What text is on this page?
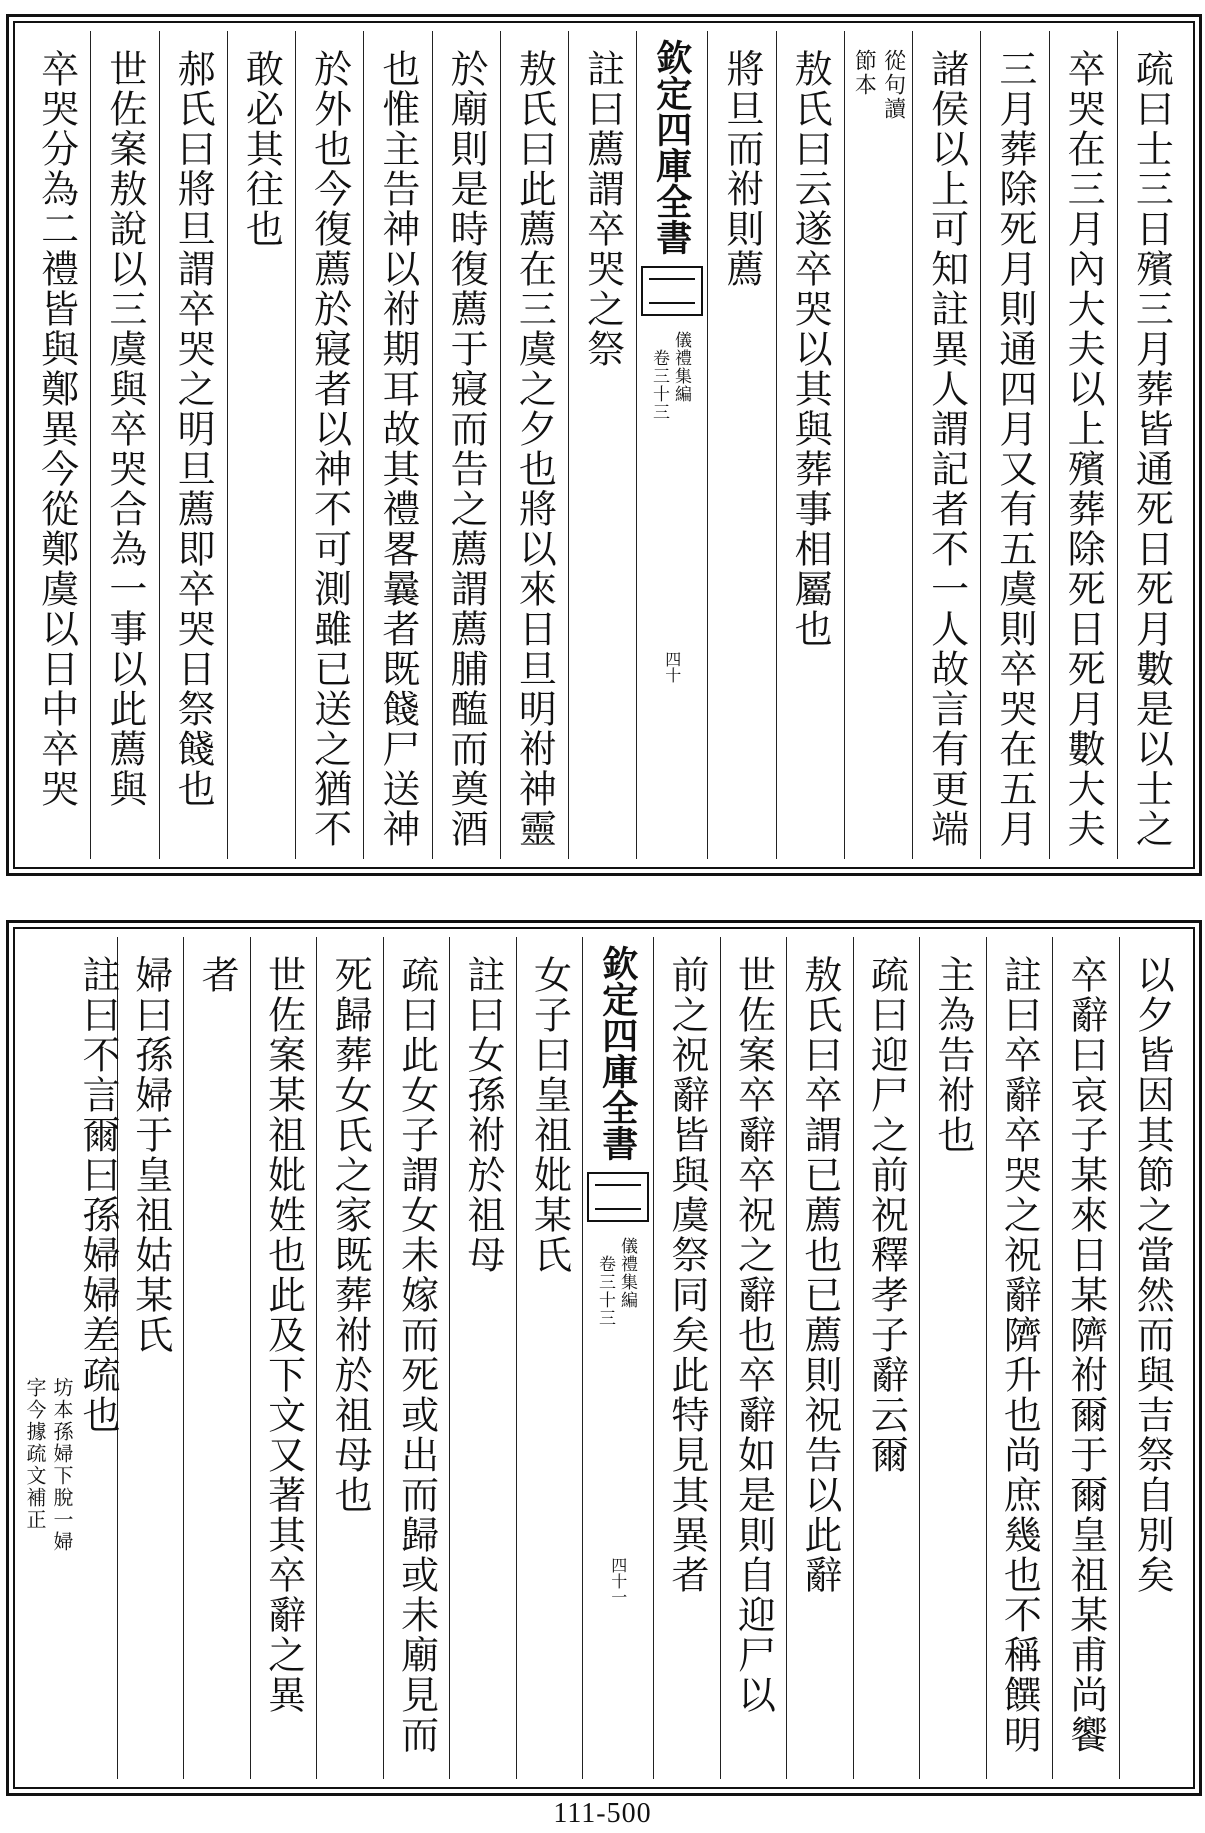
疏曰士三日殯三月葬皆通死日死月數是以士之
卒哭在三月內大夫以上殯葬除死日死月數大夫
三月葬除死月則通四月又有五虞則卒哭在五月
諸侯以上可知註異人謂記者不一人故言有更端
從句讀
節本
敖氏曰云遂卒哭以其與葬事相屬也
將旦而祔則薦
欽定四庫全書
儀禮集編
卷三十三
四十
註曰薦謂卒哭之祭
敖氏曰此薦在三虞之夕也將以來日旦明祔神靈
於廟則是時復薦于寢而告之薦謂薦脯醢而奠酒
也惟主告神以祔期耳故其禮畧曩者既餞尸送神
於外也今復薦於寢者以神不可測雖已送之猶不
敢必其往也
郝氏曰將旦謂卒哭之明旦薦即卒哭日祭餞也
世佐案敖說以三虞與卒哭合為一事以此薦與
卒哭分為二禮皆與鄭異今從鄭虞以日中卒哭
以夕皆因其節之當然而與吉祭自別矣
卒辭曰哀子某來日某隮祔爾于爾皇祖某甫尚饗
註曰卒辭卒哭之祝辭隮升也尚庶幾也不稱饌明
主為告祔也
疏曰迎尸之前祝釋孝子辭云爾
敖氏曰卒謂已薦也已薦則祝告以此辭
世佐案卒辭卒祝之辭也卒辭如是則自迎尸以
前之祝辭皆與虞祭同矣此特見其異者
欽定四庫全書
儀禮集編
卷三十三
四十一
女子曰皇祖妣某氏
註曰女孫祔於祖母
疏曰此女子謂女未嫁而死或出而歸或未廟見而
死歸葬女氏之家既葬祔於祖母也
世佐案某祖妣姓也此及下文又著其卒辭之異
者
婦曰孫婦于皇祖姑某氏
註曰不言爾曰孫婦婦差疏也
坊本孫婦下脫一婦
字今據疏文補正
111-500
